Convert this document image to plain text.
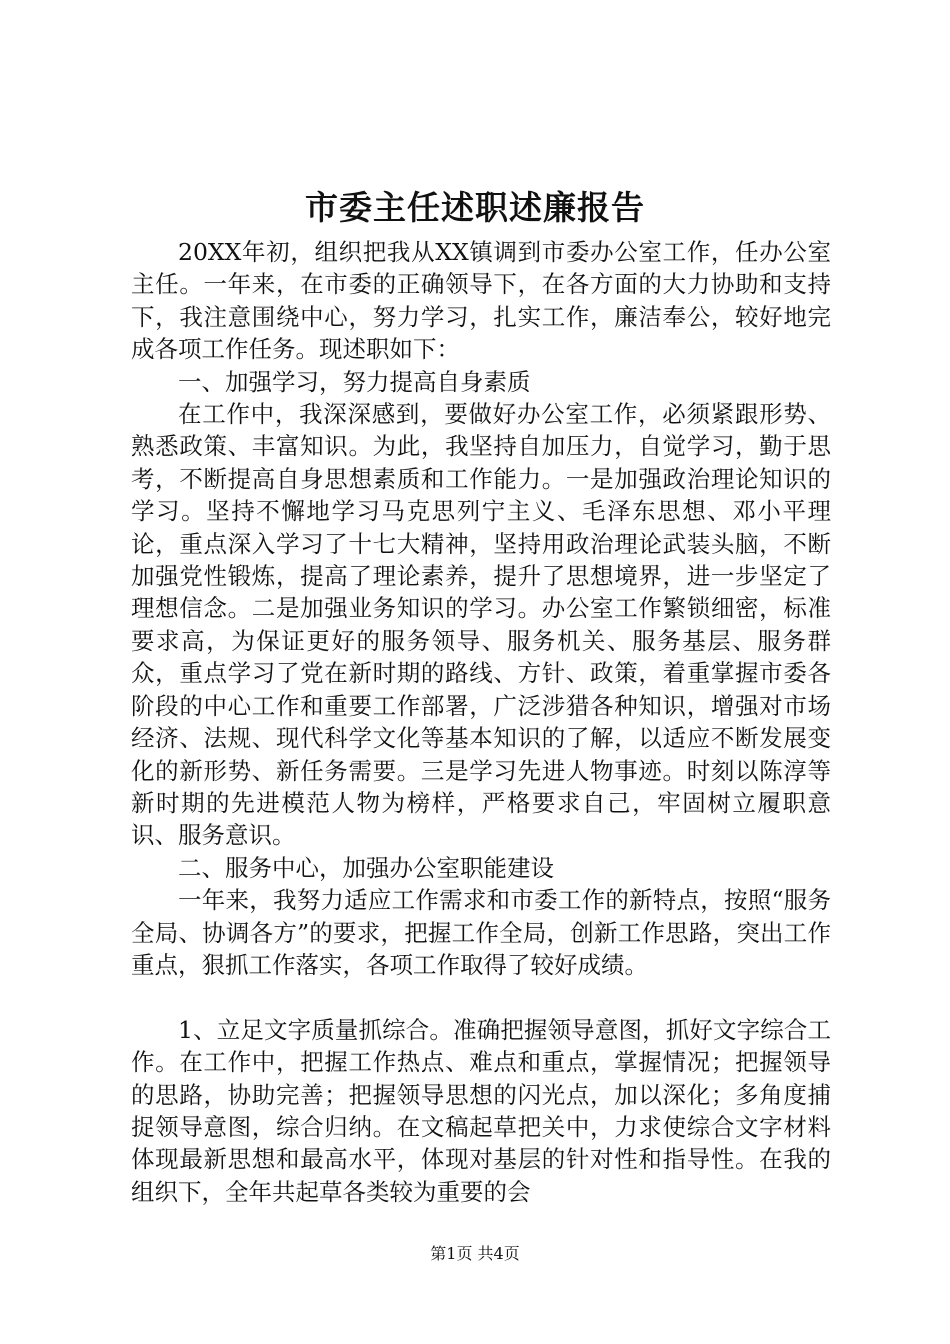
市委主任述职述廉报告

20XX年初，组织把我从XX镇调到市委办公室工作，任办公室主任。一年来，在市委的正确领导下，在各方面的大力协助和支持下，我注意围绕中心，努力学习，扎实工作，廉洁奉公，较好地完成各项工作任务。现述职如下：

一、加强学习，努力提高自身素质

在工作中，我深深感到，要做好办公室工作，必须紧跟形势、熟悉政策、丰富知识。为此，我坚持自加压力，自觉学习，勤于思考，不断提高自身思想素质和工作能力。一是加强政治理论知识的学习。坚持不懈地学习马克思列宁主义、毛泽东思想、邓小平理论，重点深入学习了十七大精神，坚持用政治理论武装头脑，不断加强党性锻炼，提高了理论素养，提升了思想境界，进一步坚定了理想信念。二是加强业务知识的学习。办公室工作繁锁细密，标准要求高，为保证更好的服务领导、服务机关、服务基层、服务群众，重点学习了党在新时期的路线、方针、政策，着重掌握市委各阶段的中心工作和重要工作部署，广泛涉猎各种知识，增强对市场经济、法规、现代科学文化等基本知识的了解，以适应不断发展变化的新形势、新任务需要。三是学习先进人物事迹。时刻以陈淳等新时期的先进模范人物为榜样，严格要求自己，牢固树立履职意识、服务意识。

二、服务中心，加强办公室职能建设

一年来，我努力适应工作需求和市委工作的新特点，按照“服务全局、协调各方”的要求，把握工作全局，创新工作思路，突出工作重点，狠抓工作落实，各项工作取得了较好成绩。

1、立足文字质量抓综合。准确把握领导意图，抓好文字综合工作。在工作中，把握工作热点、难点和重点，掌握情况；把握领导的思路，协助完善；把握领导思想的闪光点，加以深化；多角度捕捉领导意图，综合归纳。在文稿起草把关中，力求使综合文字材料体现最新思想和最高水平，体现对基层的针对性和指导性。在我的组织下，全年共起草各类较为重要的会

第1页 共4页
